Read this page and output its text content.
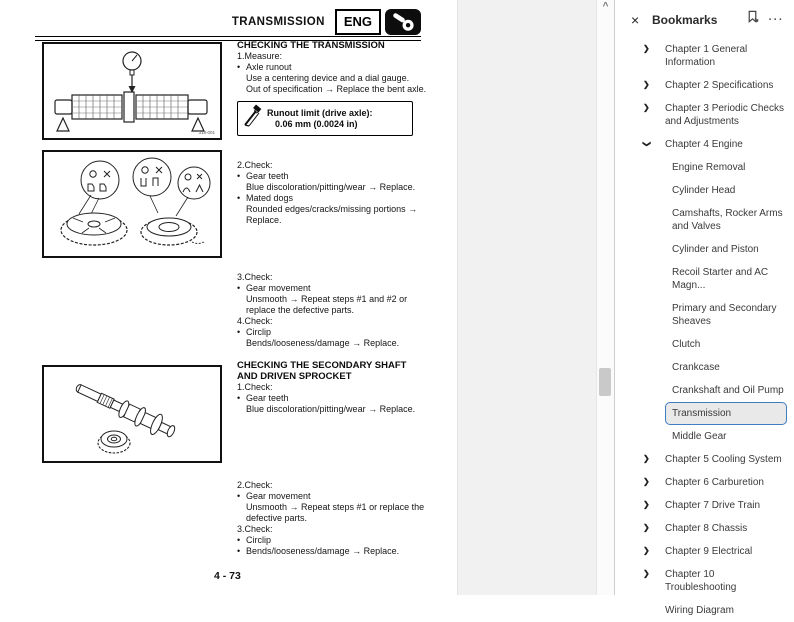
TRANSMISSION	ENG
318-001
CHECKING THE TRANSMISSION
1.Measure:
• Axle runout
Use a centering device and a dial gauge.
Out of specification → Replace the bent axle.
Runout limit (drive axle):
0.06 mm (0.0024 in)
2.Check:
• Gear teeth
Blue discoloration/pitting/wear → Replace.
• Mated dogs
Rounded edges/cracks/missing portions →
Replace.
3.Check:
• Gear movement
Unsmooth → Repeat steps #1 and #2 or
replace the defective parts.
4.Check:
• Circlip
Bends/looseness/damage → Replace.
CHECKING THE SECONDARY SHAFT AND DRIVEN SPROCKET
1.Check:
• Gear teeth
Blue discoloration/pitting/wear → Replace.
2.Check:
• Gear movement
Unsmooth → Repeat steps #1 or replace the
defective parts.
3.Check:
• Circlip
• Bends/looseness/damage → Replace.
4 - 73
^
×	Bookmarks	···
❯ Chapter 1 General Information
❯ Chapter 2 Specifications
❯ Chapter 3 Periodic Checks and Adjustments
❯ Chapter 4 Engine
Engine Removal
Cylinder Head
Camshafts, Rocker Arms and Valves
Cylinder and Piston
Recoil Starter and AC Magn...
Primary and Secondary Sheaves
Clutch
Crankcase
Crankshaft and Oil Pump
Transmission
Middle Gear
❯ Chapter 5 Cooling System
❯ Chapter 6 Carburetion
❯ Chapter 7 Drive Train
❯ Chapter 8 Chassis
❯ Chapter 9 Electrical
❯ Chapter 10 Troubleshooting
Wiring Diagram
